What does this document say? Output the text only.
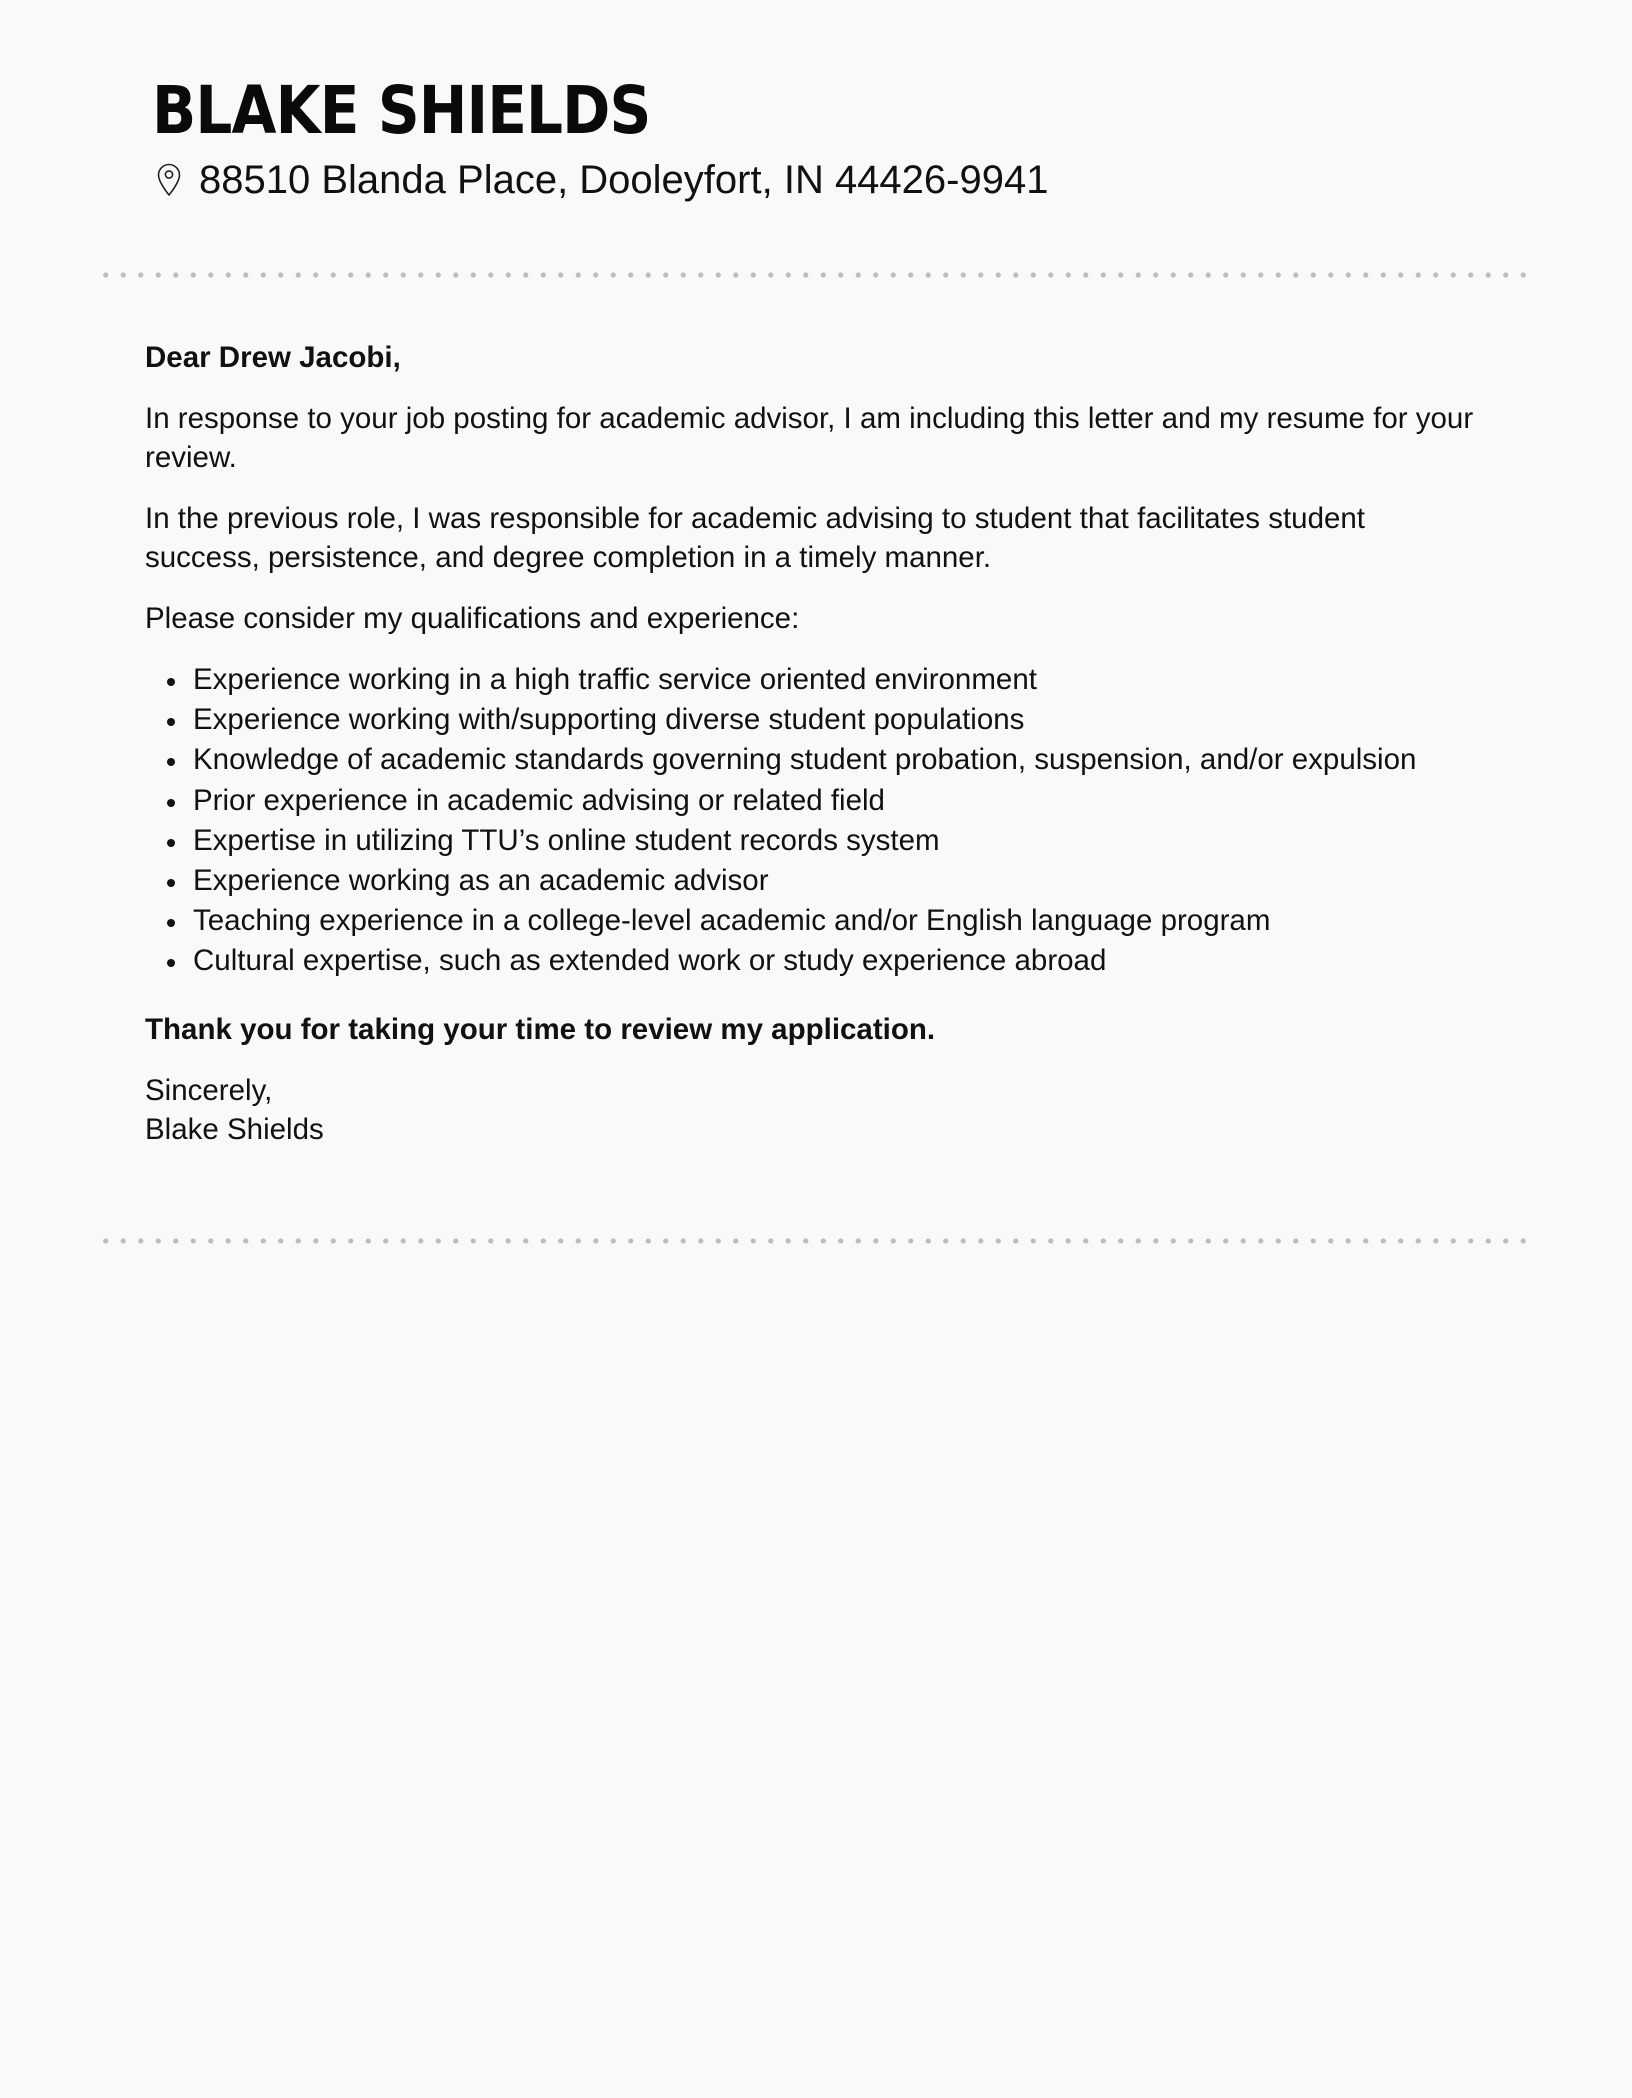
BLAKE SHIELDS
88510 Blanda Place, Dooleyfort, IN 44426-9941

Dear Drew Jacobi,

In response to your job posting for academic advisor, I am including this letter and my resume for your review.

In the previous role, I was responsible for academic advising to student that facilitates student success, persistence, and degree completion in a timely manner.

Please consider my qualifications and experience:

Experience working in a high traffic service oriented environment
Experience working with/supporting diverse student populations
Knowledge of academic standards governing student probation, suspension, and/or expulsion
Prior experience in academic advising or related field
Expertise in utilizing TTU’s online student records system
Experience working as an academic advisor
Teaching experience in a college-level academic and/or English language program
Cultural expertise, such as extended work or study experience abroad

Thank you for taking your time to review my application.

Sincerely,
Blake Shields
